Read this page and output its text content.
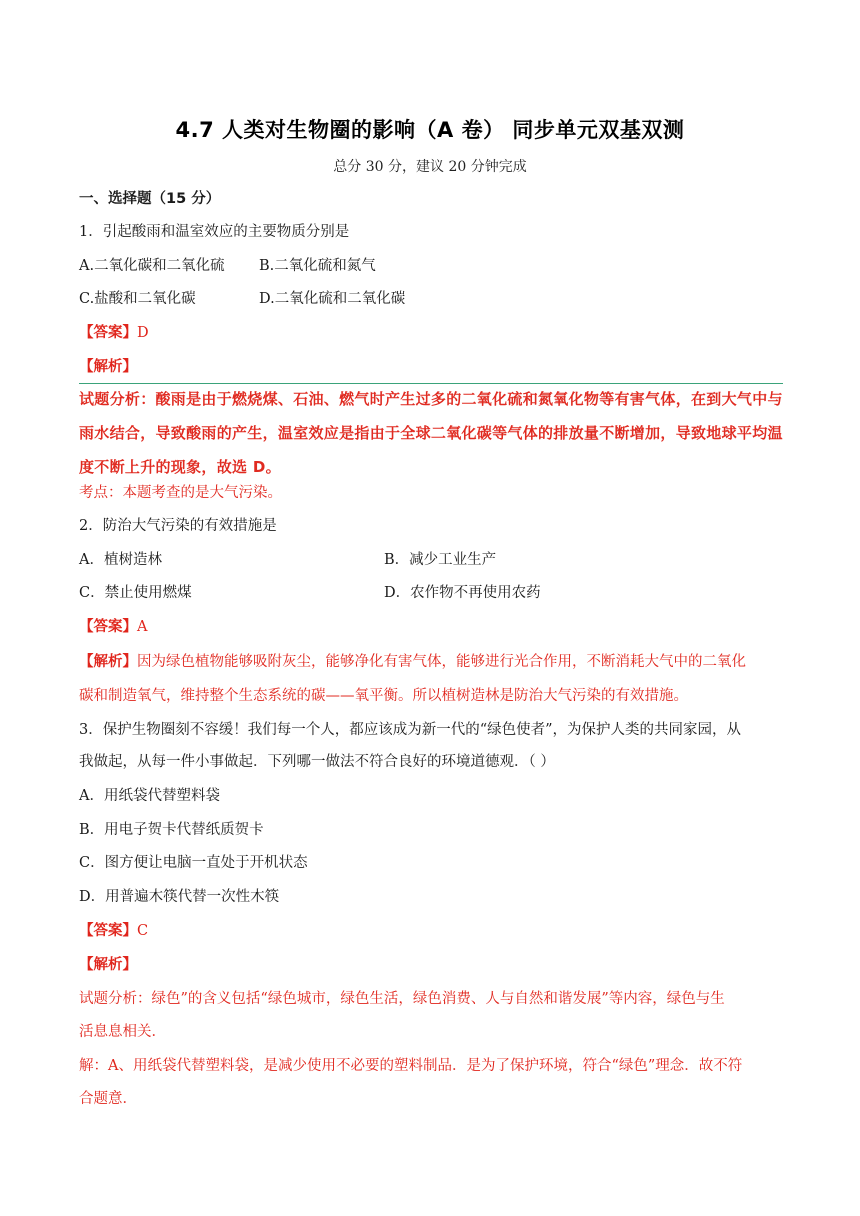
4.7 人类对生物圈的影响（A 卷） 同步单元双基双测
总分 30 分，建议 20 分钟完成
一、选择题（15 分）
1．引起酸雨和温室效应的主要物质分别是
A.二氧化碳和二氧化硫 B.二氧化硫和氮气
C.盐酸和二氧化碳	D.二氧化硫和二氧化碳
【答案】D
【解析】
试题分析：酸雨是由于燃烧煤、石油、燃气时产生过多的二氧化硫和氮氧化物等有害气体，在到大气中与
雨水结合，导致酸雨的产生，温室效应是指由于全球二氧化碳等气体的排放量不断增加，导致地球平均温
度不断上升的现象，故选 D。
考点：本题考查的是大气污染。
2．防治大气污染的有效措施是
A．植树造林	B．减少工业生产
C．禁止使用燃煤	D．农作物不再使用农药
【答案】A
【解析】因为绿色植物能够吸附灰尘，能够净化有害气体，能够进行光合作用，不断消耗大气中的二氧化
碳和制造氧气，维持整个生态系统的碳——氧平衡。所以植树造林是防治大气污染的有效措施。
3．保护生物圈刻不容缓！我们每一个人，都应该成为新一代的“绿色使者”，为保护人类的共同家园，从
我做起，从每一件小事做起．下列哪一做法不符合良好的环境道德观．（ ）
A．用纸袋代替塑料袋
B．用电子贺卡代替纸质贺卡
C．图方便让电脑一直处于开机状态
D．用普遍木筷代替一次性木筷
【答案】C
【解析】
试题分析：绿色”的含义包括“绿色城市，绿色生活，绿色消费、人与自然和谐发展”等内容，绿色与生
活息息相关．
解：A、用纸袋代替塑料袋，是减少使用不必要的塑料制品．是为了保护环境，符合“绿色”理念．故不符
合题意．
